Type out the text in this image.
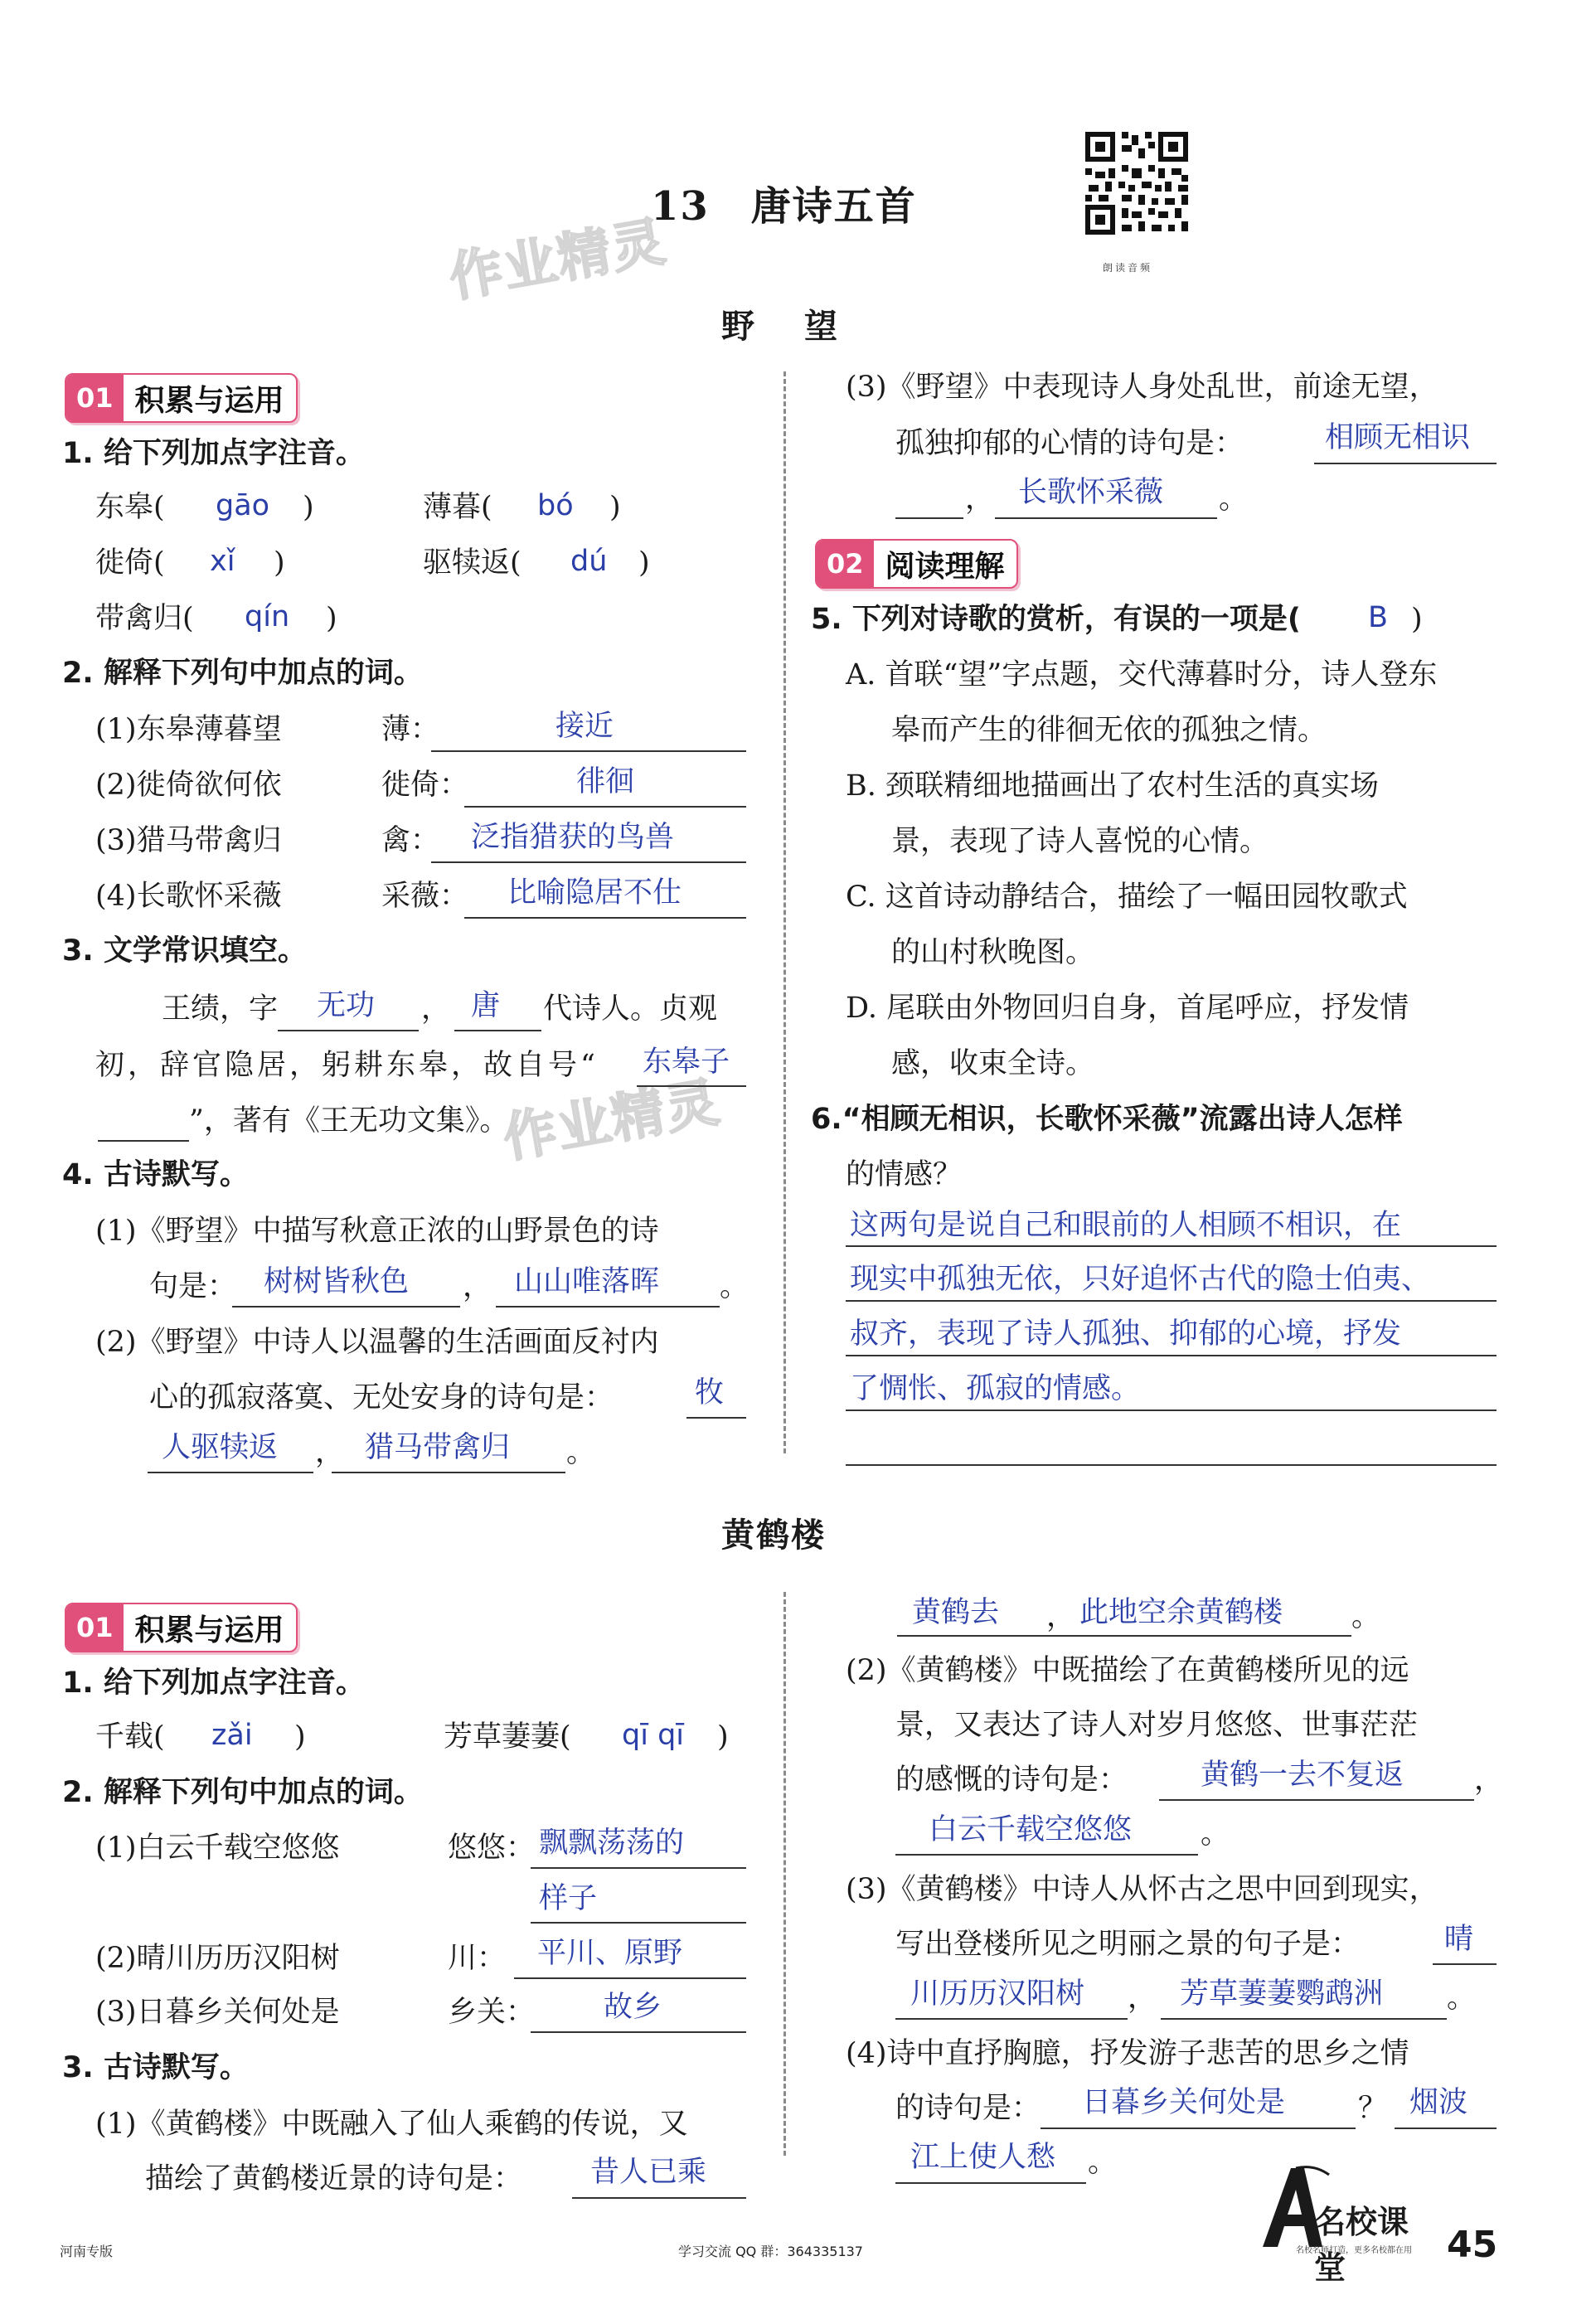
13　唐诗五首
朗读音频
作业精灵
作业精灵
野　望
01 积累与运用
1. 给下列加点字注音。
东皋( gāo )	薄暮( bó )
徙倚( xǐ )	驱犊返( dú )
带禽归( qín )
2. 解释下列句中加点的词。
(1)东皋薄暮望	薄：	接近
(2)徙倚欲何依	徙倚：	徘徊
(3)猎马带禽归	禽： 泛指猎获的鸟兽
(4)长歌怀采薇	采薇： 比喻隐居不仕
3. 文学常识填空。
王绩，字 无功 ， 唐 代诗人。贞观
初，辞官隐居，躬耕东皋，故自号“ 东皋子
”，著有《王无功文集》。
4. 古诗默写。
(1)《野望》中描写秋意正浓的山野景色的诗
句是： 树树皆秋色 ， 山山唯落晖 。
(2)《野望》中诗人以温馨的生活画面反衬内
心的孤寂落寞、无处安身的诗句是：	牧
人驱犊返 ， 猎马带禽归 。
(3)《野望》中表现诗人身处乱世，前途无望，
孤独抑郁的心情的诗句是：	相顾无相识
， 长歌怀采薇 。
02 阅读理解
5. 下列对诗歌的赏析，有误的一项是( B )
A. 首联“望”字点题，交代薄暮时分，诗人登东
皋而产生的徘徊无依的孤独之情。
B. 颈联精细地描画出了农村生活的真实场
景，表现了诗人喜悦的心情。
C. 这首诗动静结合，描绘了一幅田园牧歌式
的山村秋晚图。
D. 尾联由外物回归自身，首尾呼应，抒发情
感，收束全诗。
6.“相顾无相识，长歌怀采薇”流露出诗人怎样
的情感？
这两句是说自己和眼前的人相顾不相识，在
现实中孤独无依，只好追怀古代的隐士伯夷、
叔齐，表现了诗人孤独、抑郁的心境，抒发
了惆怅、孤寂的情感。
黄鹤楼
01 积累与运用
1. 给下列加点字注音。
千载( zǎi )	芳草萋萋( qī qī )
2. 解释下列句中加点的词。
(1)白云千载空悠悠	悠悠： 飘飘荡荡的
样子
(2)晴川历历汉阳树	川： 平川、原野
(3)日暮乡关何处是	乡关： 故乡
3. 古诗默写。
(1)《黄鹤楼》中既融入了仙人乘鹤的传说，又
描绘了黄鹤楼近景的诗句是： 昔人已乘
黄鹤去 ， 此地空余黄鹤楼 。
(2)《黄鹤楼》中既描绘了在黄鹤楼所见的远
景，又表达了诗人对岁月悠悠、世事茫茫
的感慨的诗句是：	黄鹤一去不复返 ，
白云千载空悠悠 。
(3)《黄鹤楼》中诗人从怀古之思中回到现实，
写出登楼所见之明丽之景的句子是：	晴
川历历汉阳树 ， 芳草萋萋鹦鹉洲 。
(4)诗中直抒胸臆，抒发游子悲苦的思乡之情
的诗句是： 日暮乡关何处是	？ 烟波
江上使人愁 。
河南专版	学习交流 QQ 群：364335137
名校课堂
名校名师打造，更多名校都在用 45
